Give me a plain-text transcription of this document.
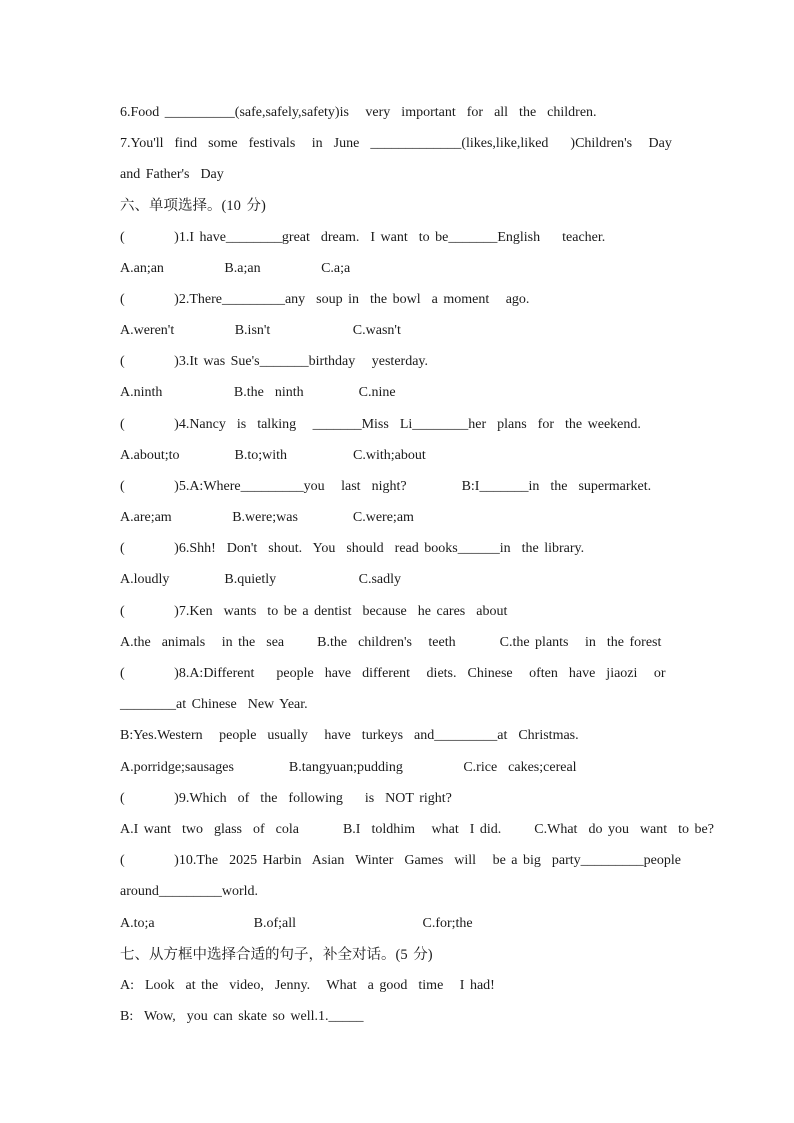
6.Food __________(safe,safely,safety)is   very  important  for  all  the  children.
7.You'll  find  some  festivals   in  June  _____________(likes,like,liked    )Children's   Day
and Father's  Day
六、单项选择。(10 分)
(         )1.I have________great  dream.  I want  to be_______English    teacher.
A.an;an           B.a;an           C.a;a
(         )2.There_________any  soup in  the bowl  a moment   ago.
A.weren't           B.isn't               C.wasn't
(         )3.It was Sue's_______birthday   yesterday.
A.ninth             B.the  ninth          C.nine
(         )4.Nancy  is  talking   _______Miss  Li________her  plans  for  the weekend.
A.about;to          B.to;with            C.with;about
(         )5.A:Where_________you   last  night?          B:I_______in  the  supermarket.
A.are;am           B.were;was          C.were;am
(         )6.Shh!  Don't  shout.  You  should  read books______in  the library.
A.loudly          B.quietly               C.sadly
(         )7.Ken  wants  to be a dentist  because  he cares  about
A.the  animals   in the  sea      B.the  children's   teeth        C.the plants   in  the forest
(         )8.A:Different    people  have  different   diets.  Chinese   often  have  jiaozi   or
________at Chinese  New Year.
B:Yes.Western   people  usually   have  turkeys  and_________at  Christmas.
A.porridge;sausages          B.tangyuan;pudding           C.rice  cakes;cereal
(         )9.Which  of  the  following    is  NOT right?
A.I want  two  glass  of  cola        B.I  toldhim   what  I did.      C.What  do you  want  to be?
(         )10.The  2025 Harbin  Asian  Winter  Games  will   be a big  party_________people
around_________world.
A.to;a                  B.of;all                       C.for;the
七、从方框中选择合适的句子，补全对话。(5 分)
A:  Look  at the  video,  Jenny.   What  a good  time   I had!
B:  Wow,  you can skate so well.1._____
